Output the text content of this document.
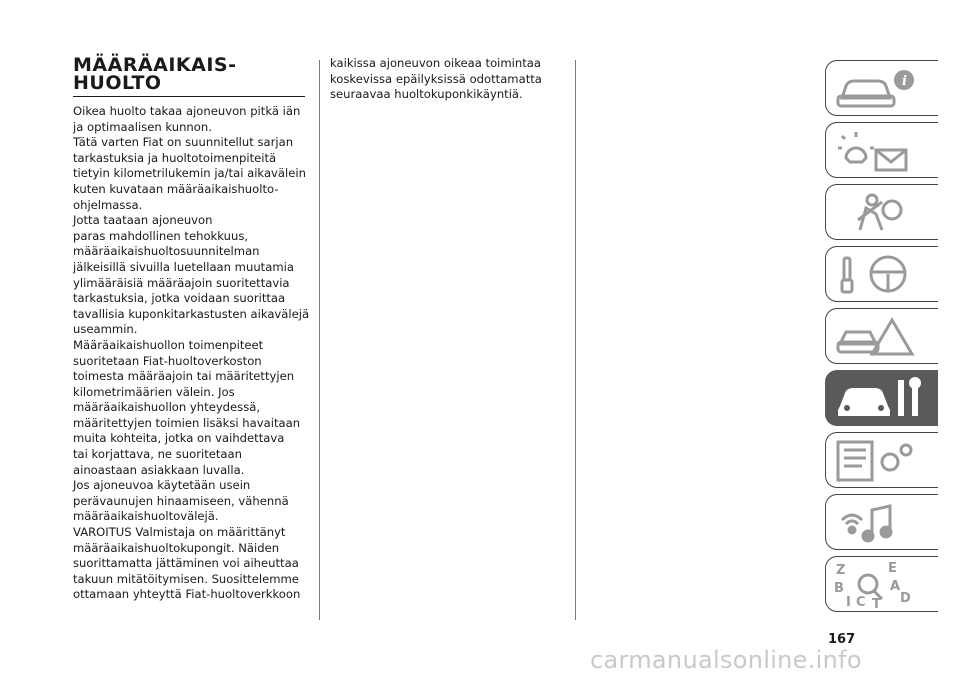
MÄÄRÄAIKAIS-
HUOLTO

Oikea huolto takaa ajoneuvon pitkä iän
ja optimaalisen kunnon.

Tätä varten Fiat on suunnitellut sarjan
tarkastuksia ja huoltotoimenpiteitä
tietyin kilometrilukemin ja/tai aikavälein
kuten kuvataan määräaikaishuolto-
ohjelmassa.

Jotta taataan ajoneuvon
paras mahdollinen tehokkuus,
määräaikaishuoltosuunnitelman
jälkeisillä sivuilla luetellaan muutamia
ylimääräisiä määräajoin suoritettavia
tarkastuksia, jotka voidaan suorittaa
tavallisia kuponkitarkastusten aikavälejä
useammin.

Määräaikaishuollon toimenpiteet
suoritetaan Fiat-huoltoverkoston
toimesta määräajoin tai määritettyjen
kilometrimäärien välein. Jos
määräaikaishuollon yhteydessä,
määritettyjen toimien lisäksi havaitaan
muita kohteita, jotka on vaihdettava
tai korjattava, ne suoritetaan
ainoastaan asiakkaan luvalla.

Jos ajoneuvoa käytetään usein
perävaunujen hinaamiseen, vähennä
määräaikaishuoltovälejä.

VAROITUS Valmistaja on määrittänyt
määräaikaishuoltokupongit. Näiden
suorittamatta jättäminen voi aiheuttaa
takuun mitätöitymisen. Suosittelemme
ottamaan yhteyttä Fiat-huoltoverkkoon

kaikissa ajoneuvon oikeaa toimintaa
koskevissa epäilyksissä odottamatta
seuraavaa huoltokuponkikäyntiä.

i
Z	E
B	A
I C T D
167
carmanualsonline.info
